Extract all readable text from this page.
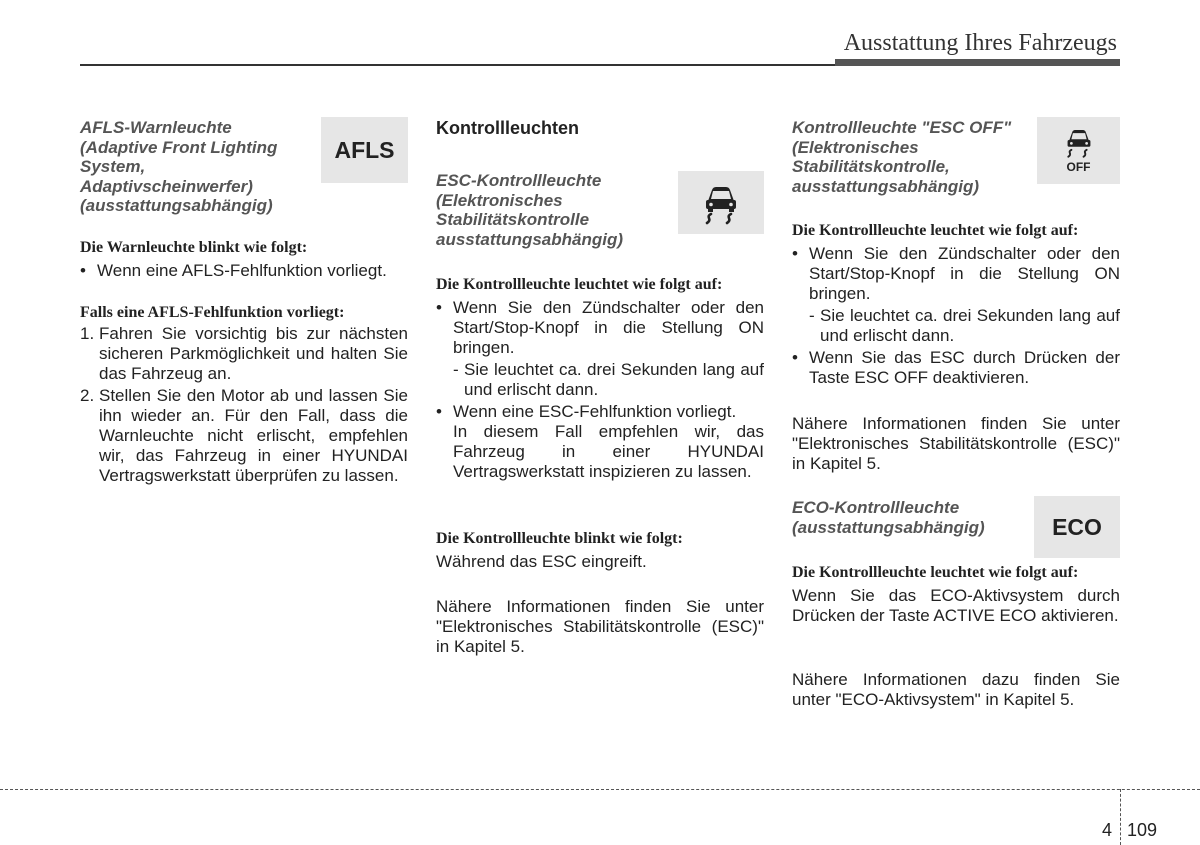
Ausstattung Ihres Fahrzeugs
AFLS-Warnleuchte
(Adaptive Front Lighting
System,
Adaptivscheinwerfer)
(ausstattungsabhängig)
AFLS

Die Warnleuchte blinkt wie folgt:

• Wenn eine AFLS-Fehlfunktion vorliegt.

Falls eine AFLS-Fehlfunktion vorliegt:

1. Fahren Sie vorsichtig bis zur nächsten sicheren Parkmöglichkeit und halten Sie das Fahrzeug an.
2. Stellen Sie den Motor ab und lassen Sie ihn wieder an. Für den Fall, dass die Warnleuchte nicht erlischt, empfehlen wir, das Fahrzeug in einer HYUNDAI Vertragswerkstatt überprüfen zu lassen.

Kontrollleuchten

ESC-Kontrollleuchte
(Elektronisches
Stabilitätskontrolle
ausstattungsabhängig)

Die Kontrollleuchte leuchtet wie folgt auf:

• Wenn Sie den Zündschalter oder den Start/Stop-Knopf in die Stellung ON bringen.
- Sie leuchtet ca. drei Sekunden lang auf und erlischt dann.
• Wenn eine ESC-Fehlfunktion vorliegt.
In diesem Fall empfehlen wir, das Fahrzeug in einer HYUNDAI Vertragswerkstatt inspizieren zu lassen.

Die Kontrollleuchte blinkt wie folgt:

Während das ESC eingreift.

Nähere Informationen finden Sie unter "Elektronisches Stabilitätskontrolle (ESC)" in Kapitel 5.

Kontrollleuchte "ESC OFF"
(Elektronisches
Stabilitätskontrolle,
ausstattungsabhängig)
OFF

Die Kontrollleuchte leuchtet wie folgt auf:

• Wenn Sie den Zündschalter oder den Start/Stop-Knopf in die Stellung ON bringen.
- Sie leuchtet ca. drei Sekunden lang auf und erlischt dann.
• Wenn Sie das ESC durch Drücken der Taste ESC OFF deaktivieren.

Nähere Informationen finden Sie unter "Elektronisches Stabilitätskontrolle (ESC)" in Kapitel 5.

ECO-Kontrollleuchte
(ausstattungsabhängig)	ECO

Die Kontrollleuchte leuchtet wie folgt auf:

Wenn Sie das ECO-Aktivsystem durch Drücken der Taste ACTIVE ECO aktivieren.

Nähere Informationen dazu finden Sie unter "ECO-Aktivsystem" in Kapitel 5.

4 109
